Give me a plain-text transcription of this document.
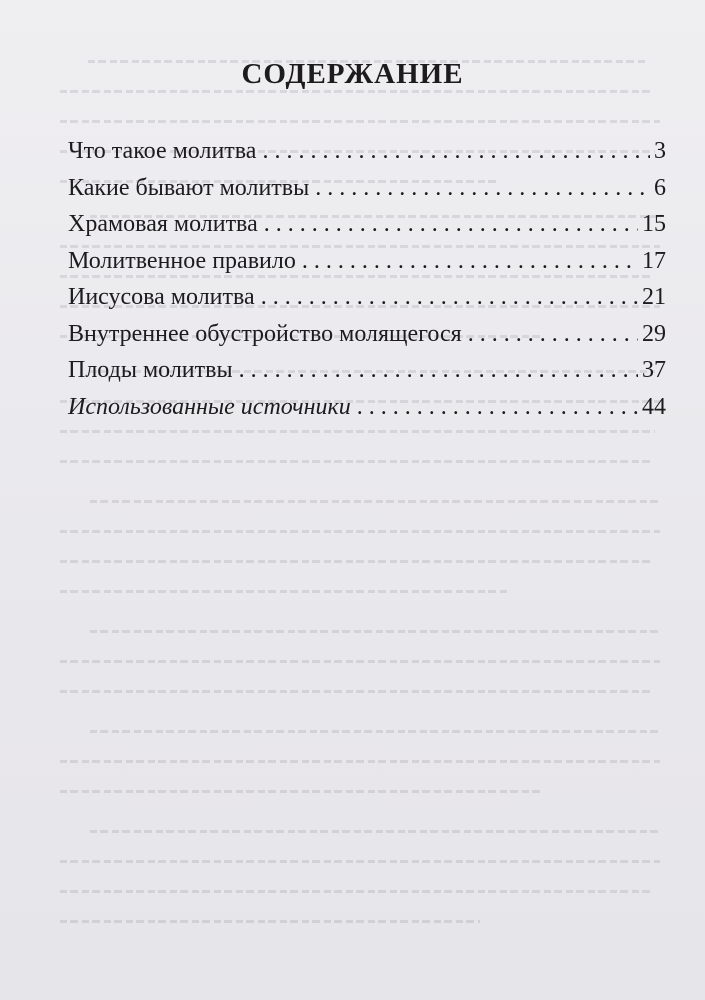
СОДЕРЖАНИЕ
Что такое молитва . . .	3
Какие бывают молитвы . . .	6
Храмовая молитва . . .	15
Молитвенное правило . . .	17
Иисусова молитва . . .	21
Внутреннее обустройство молящегося . . .	29
Плоды молитвы . . .	37
Использованные источники . . .	44
